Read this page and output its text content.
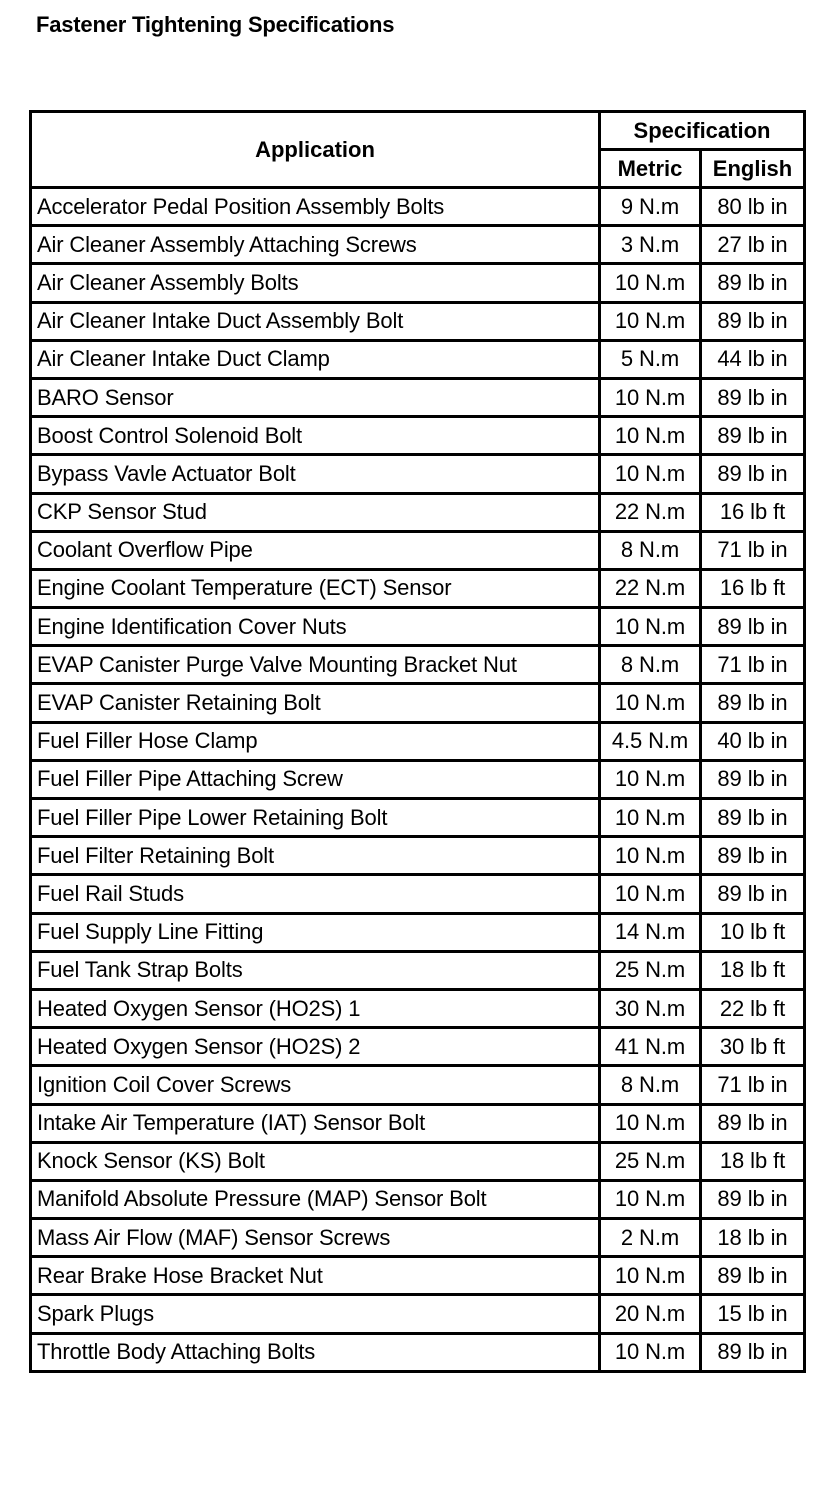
Fastener Tightening Specifications
Application	Specification	
	Metric	English
Accelerator Pedal Position Assembly Bolts	9 N.m	80 lb in
Air Cleaner Assembly Attaching Screws	3 N.m	27 lb in
Air Cleaner Assembly Bolts	10 N.m	89 lb in
Air Cleaner Intake Duct Assembly Bolt	10 N.m	89 lb in
Air Cleaner Intake Duct Clamp	5 N.m	44 lb in
BARO Sensor	10 N.m	89 lb in
Boost Control Solenoid Bolt	10 N.m	89 lb in
Bypass Vavle Actuator Bolt	10 N.m	89 lb in
CKP Sensor Stud	22 N.m	16 lb ft
Coolant Overflow Pipe	8 N.m	71 lb in
Engine Coolant Temperature (ECT) Sensor	22 N.m	16 lb ft
Engine Identification Cover Nuts	10 N.m	89 lb in
EVAP Canister Purge Valve Mounting Bracket Nut	8 N.m	71 lb in
EVAP Canister Retaining Bolt	10 N.m	89 lb in
Fuel Filler Hose Clamp	4.5 N.m	40 lb in
Fuel Filler Pipe Attaching Screw	10 N.m	89 lb in
Fuel Filler Pipe Lower Retaining Bolt	10 N.m	89 lb in
Fuel Filter Retaining Bolt	10 N.m	89 lb in
Fuel Rail Studs	10 N.m	89 lb in
Fuel Supply Line Fitting	14 N.m	10 lb ft
Fuel Tank Strap Bolts	25 N.m	18 lb ft
Heated Oxygen Sensor (HO2S) 1	30 N.m	22 lb ft
Heated Oxygen Sensor (HO2S) 2	41 N.m	30 lb ft
Ignition Coil Cover Screws	8 N.m	71 lb in
Intake Air Temperature (IAT) Sensor Bolt	10 N.m	89 lb in
Knock Sensor (KS) Bolt	25 N.m	18 lb ft
Manifold Absolute Pressure (MAP) Sensor Bolt	10 N.m	89 lb in
Mass Air Flow (MAF) Sensor Screws	2 N.m	18 lb in
Rear Brake Hose Bracket Nut	10 N.m	89 lb in
Spark Plugs	20 N.m	15 lb in
Throttle Body Attaching Bolts	10 N.m	89 lb in
